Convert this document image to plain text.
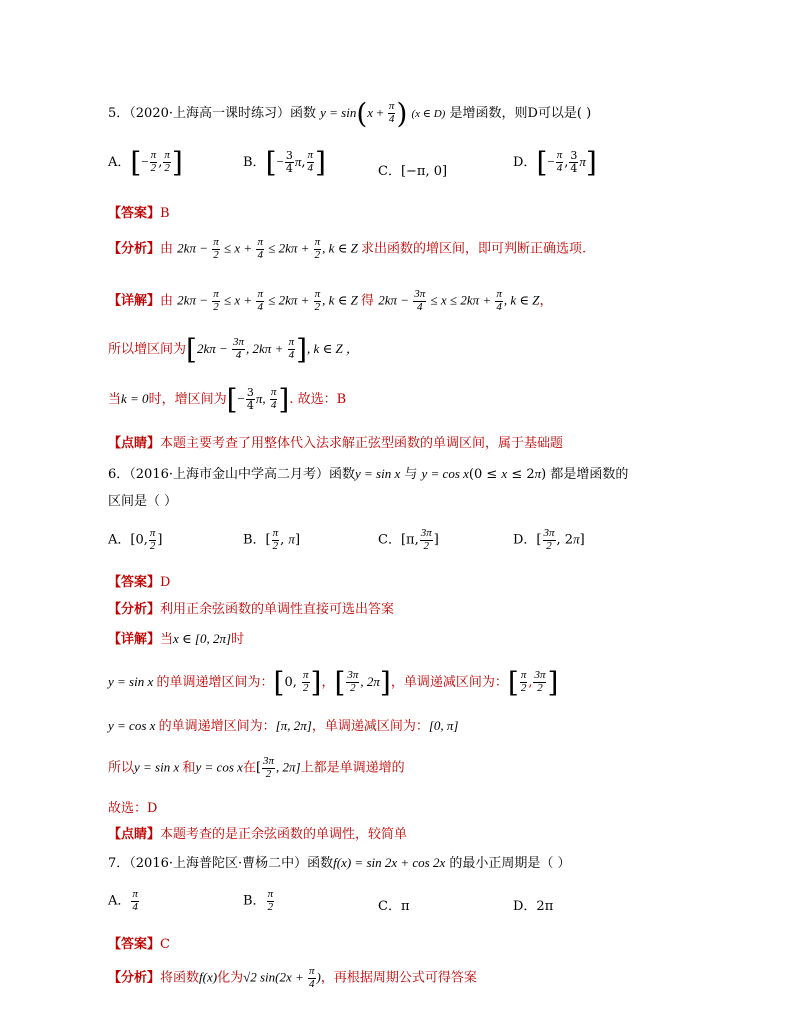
5．（2020·上海高一课时练习）函数 $y = \sin(x + \frac{\pi}{4}$ ) (x ∈ D) 是增函数，则D可以是( )
A．[− $\frac{\pi}{2}$ , $\frac{\pi}{2}$ ]	B．[− $\frac{3}{4} \pi$, $\frac{\pi}{4}$ ]	C．[−π, 0]
D．[− $\frac{\pi}{4}$ , $\frac{3}{4} \pi$]
【答案】B
【分析】由 $2k\pi - \frac{\pi}{2} \le x + \frac{\pi}{4} \le 2k\pi + \frac{\pi}{2}$ , k ∈ Z 求出函数的增区间，即可判断正确选项.
【详解】由 $2k\pi - \frac{\pi}{2} \le x + \frac{\pi}{4} \le 2k\pi + \frac{\pi}{2}$ , k ∈ Z 得 $2k\pi - \frac{3\pi}{4} \le x \le 2k\pi + \frac{\pi}{4}$ , k ∈ Z，
所以增区间为[$2k\pi - \frac{3\pi}{4}$ , $2k\pi + \frac{\pi}{4}$ ], k ∈ Z ，
当k = 0时，增区间为[− $\frac{3}{4} \pi$, $\frac{\pi}{4}$ ]. 故选：B
【点睛】本题主要考查了用整体代入法求解正弦型函数的单调区间，属于基础题
6．（2016·上海市金山中学高二月考）函数y = sin x 与 y = cos x(0 ≤ x ≤ 2π) 都是增函数的
区间是（ ）
A．[0, $\frac{\pi}{2}$ ]	B．[ $\frac{\pi}{2}$ , π]	C．[π, $\frac{3\pi}{2}$ ]	D．[ $\frac{3\pi}{2}$ , 2π]
【答案】D
【分析】利用正余弦函数的单调性直接可选出答案
【详解】当x ∈ [0, 2π]时
y = sin x 的单调递增区间为：[0, $\frac{\pi}{2}$ ]，[ $\frac{3\pi}{2}$ , 2π]，单调递减区间为：[ $\frac{\pi}{2}$ , $\frac{3\pi}{2}$ ]
y = cos x 的单调递增区间为：[π, 2π]，单调递减区间为：[0, π]
所以y = sin x 和y = cos x在[ $\frac{3\pi}{2}$ , 2π]上都是单调递增的
故选：D
【点睛】本题考查的是正余弦函数的单调性，较简单
7．（2016·上海普陀区·曹杨二中）函数f(x) = sin 2x + cos 2x 的最小正周期是（ ）
A． $\frac{\pi}{4}$	B． $\frac{\pi}{2}$	C．π	D．2π
【答案】C
【分析】将函数f(x)化为√2 $\sin(2x + \frac{\pi}{4}$ )，再根据周期公式可得答案
